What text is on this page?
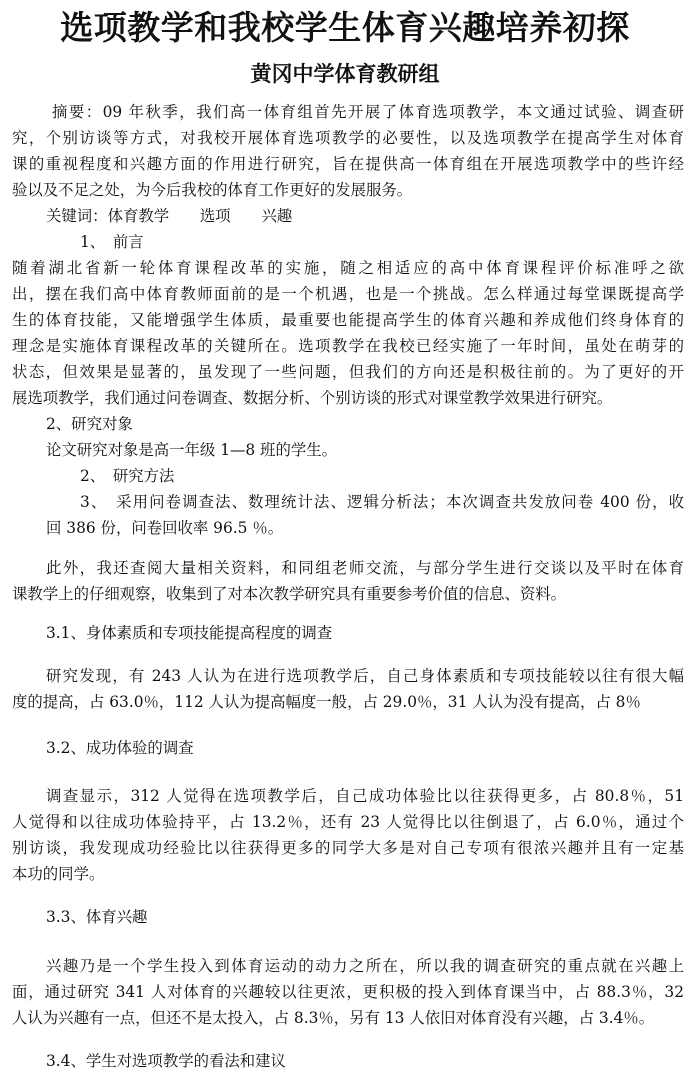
选项教学和我校学生体育兴趣培养初探
黄冈中学体育教研组
摘要：09 年秋季，我们高一体育组首先开展了体育选项教学，本文通过试验、调查研
究，个别访谈等方式，对我校开展体育选项教学的必要性，以及选项教学在提高学生对体育
课的重视程度和兴趣方面的作用进行研究，旨在提供高一体育组在开展选项教学中的些许经
验以及不足之处，为今后我校的体育工作更好的发展服务。
关键词：体育教学　　选项　　兴趣
1、　前言
随着湖北省新一轮体育课程改革的实施，随之相适应的高中体育课程评价标准呼之欲
出，摆在我们高中体育教师面前的是一个机遇，也是一个挑战。怎么样通过每堂课既提高学
生的体育技能，又能增强学生体质，最重要也能提高学生的体育兴趣和养成他们终身体育的
理念是实施体育课程改革的关键所在。选项教学在我校已经实施了一年时间，虽处在萌芽的
状态，但效果是显著的，虽发现了一些问题，但我们的方向还是积极往前的。为了更好的开
展选项教学，我们通过问卷调查、数据分析、个别访谈的形式对课堂教学效果进行研究。
2、研究对象
论文研究对象是高一年级 1—8 班的学生。
2、　研究方法
3、　采用问卷调查法、数理统计法、逻辑分析法；本次调查共发放问卷 400 份，收
回 386 份，问卷回收率 96.5 ％。
此外，我还查阅大量相关资料，和同组老师交流，与部分学生进行交谈以及平时在体育
课教学上的仔细观察，收集到了对本次教学研究具有重要参考价值的信息、资料。
3.1、身体素质和专项技能提高程度的调查
研究发现，有 243 人认为在进行选项教学后，自己身体素质和专项技能较以往有很大幅
度的提高，占 63.0％，112 人认为提高幅度一般，占 29.0％，31 人认为没有提高，占 8％
3.2、成功体验的调查
调查显示，312 人觉得在选项教学后，自己成功体验比以往获得更多，占 80.8％，51
人觉得和以往成功体验持平，占 13.2％，还有 23 人觉得比以往倒退了，占 6.0％，通过个
别访谈，我发现成功经验比以往获得更多的同学大多是对自己专项有很浓兴趣并且有一定基
本功的同学。
3.3、体育兴趣
兴趣乃是一个学生投入到体育运动的动力之所在，所以我的调查研究的重点就在兴趣上
面，通过研究 341 人对体育的兴趣较以往更浓，更积极的投入到体育课当中，占 88.3％，32
人认为兴趣有一点，但还不是太投入，占 8.3％，另有 13 人依旧对体育没有兴趣，占 3.4％。
3.4、学生对选项教学的看法和建议
